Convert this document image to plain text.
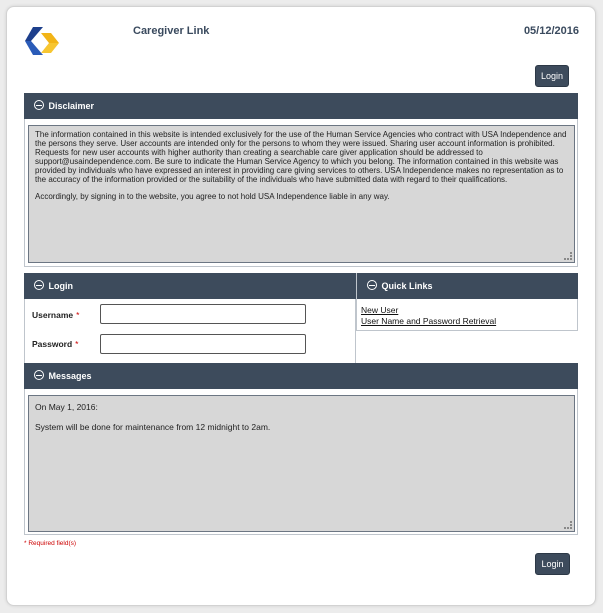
Caregiver Link	05/12/2016
Login
Disclaimer

The information contained in this website is intended exclusively for the use of the Human Service Agencies who contract with USA Independence and the persons they serve. User accounts are intended only for the persons to whom they were issued. Sharing user account information is prohibited. Requests for new user accounts with higher authority than creating a searchable care giver application should be addressed to support@usaindependence.com. Be sure to indicate the Human Service Agency to which you belong. The information contained in this website was provided by individuals who have expressed an interest in providing care giving services to others. USA Independence makes no representation as to the accuracy of the information provided or the suitability of the individuals who have submitted data with regard to their qualifications.

Accordingly, by signing in to the website, you agree to not hold USA Independence liable in any way.

Login
Username *
Password *
Quick Links
New User
User Name and Password Retrieval
Messages

On May 1, 2016:

System will be done for maintenance from 12 midnight to 2am.

* Required field(s)
Login
